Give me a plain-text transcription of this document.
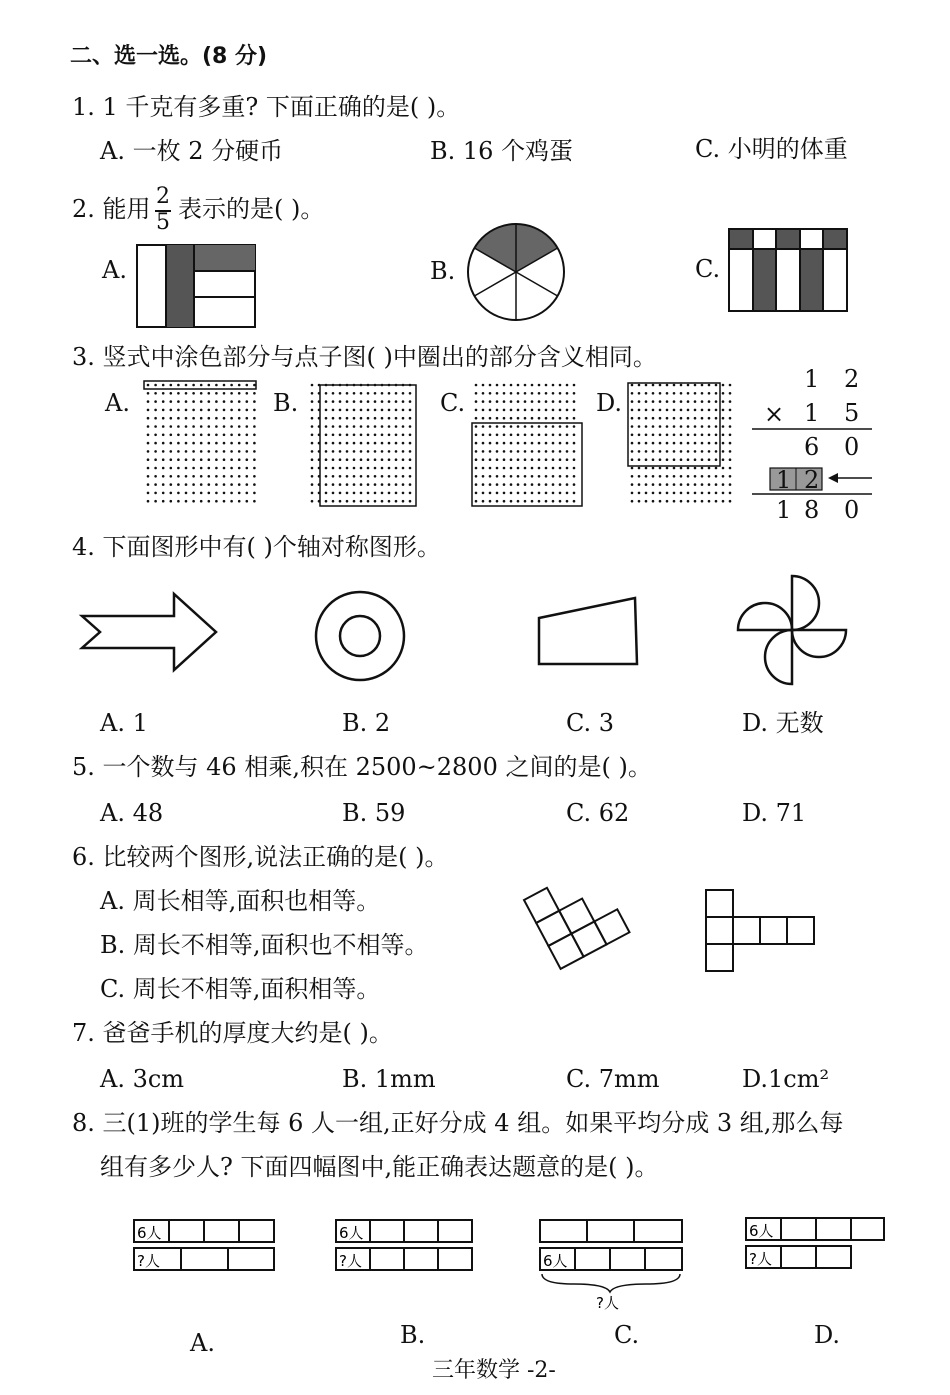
二、选一选。(8 分)
1. 1 千克有多重? 下面正确的是( )。
A. 一枚 2 分硬币	B. 16 个鸡蛋	C. 小明的体重
2. 能用 2
5 表示的是( )。
A.	B.	C.
3. 竖式中涂色部分与点子图( )中圈出的部分含义相同。
A.	B.	C.	D.
1 2
× 1 5
6 0
1 2
1 8 0
4. 下面图形中有( )个轴对称图形。
A. 1	B. 2	C. 3	D. 无数
5. 一个数与 46 相乘,积在 2500~2800 之间的是( )。
A. 48	B. 59	C. 62	D. 71
6. 比较两个图形,说法正确的是( )。
A. 周长相等,面积也相等。
B. 周长不相等,面积也不相等。
C. 周长不相等,面积相等。
7. 爸爸手机的厚度大约是( )。
A. 3cm	B. 1mm	C. 7mm	D.1cm²
8. 三(1)班的学生每 6 人一组,正好分成 4 组。如果平均分成 3 组,那么每
组有多少人? 下面四幅图中,能正确表达题意的是( )。
6人
?人
6人
?人	6人
?人
6人
?人
A.	B.	C.	D.
三年数学 -2-
